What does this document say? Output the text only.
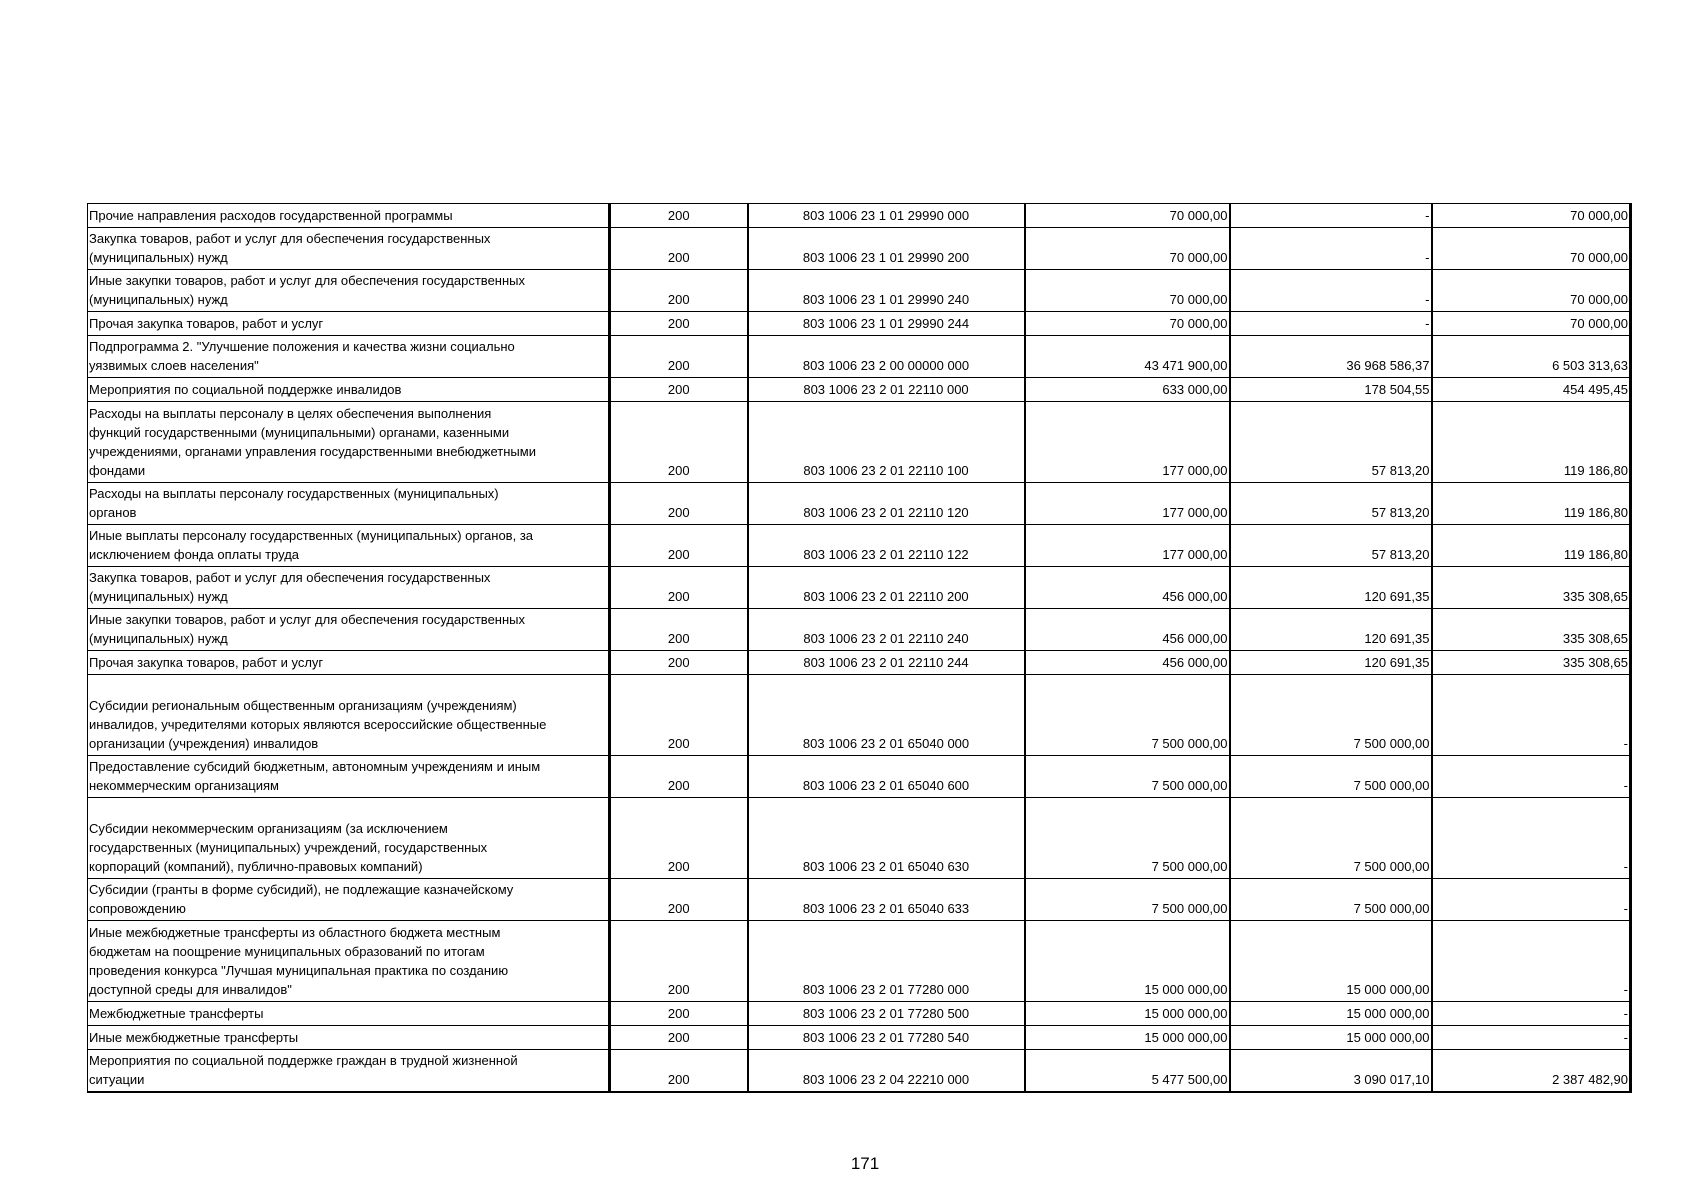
Прочие направления расходов государственной программы	200	803 1006 23 1 01 29990 000	70 000,00	-	70 000,00
Закупка товаров, работ и услуг для обеспечения государственных
(муниципальных) нужд	200	803 1006 23 1 01 29990 200	70 000,00	-	70 000,00
Иные закупки товаров, работ и услуг для обеспечения государственных
(муниципальных) нужд	200	803 1006 23 1 01 29990 240	70 000,00	-	70 000,00
Прочая закупка товаров, работ и услуг	200	803 1006 23 1 01 29990 244	70 000,00	-	70 000,00
Подпрограмма 2. "Улучшение положения и качества жизни социально
уязвимых слоев населения"	200	803 1006 23 2 00 00000 000	43 471 900,00	36 968 586,37	6 503 313,63
Мероприятия по социальной поддержке инвалидов	200	803 1006 23 2 01 22110 000	633 000,00	178 504,55	454 495,45
Расходы на выплаты персоналу в целях обеспечения выполнения
функций государственными (муниципальными) органами, казенными
учреждениями, органами управления государственными внебюджетными
фондами	200	803 1006 23 2 01 22110 100	177 000,00	57 813,20	119 186,80
Расходы на выплаты персоналу государственных (муниципальных)
органов	200	803 1006 23 2 01 22110 120	177 000,00	57 813,20	119 186,80
Иные выплаты персоналу государственных (муниципальных) органов, за
исключением фонда оплаты труда	200	803 1006 23 2 01 22110 122	177 000,00	57 813,20	119 186,80
Закупка товаров, работ и услуг для обеспечения государственных
(муниципальных) нужд	200	803 1006 23 2 01 22110 200	456 000,00	120 691,35	335 308,65
Иные закупки товаров, работ и услуг для обеспечения государственных
(муниципальных) нужд	200	803 1006 23 2 01 22110 240	456 000,00	120 691,35	335 308,65
Прочая закупка товаров, работ и услуг	200	803 1006 23 2 01 22110 244	456 000,00	120 691,35	335 308,65

Субсидии региональным общественным организациям (учреждениям)
инвалидов, учредителями которых являются всероссийские общественные
организации (учреждения) инвалидов	200	803 1006 23 2 01 65040 000	7 500 000,00	7 500 000,00	-
Предоставление субсидий бюджетным, автономным учреждениям и иным
некоммерческим организациям	200	803 1006 23 2 01 65040 600	7 500 000,00	7 500 000,00	-

Субсидии некоммерческим организациям (за исключением
государственных (муниципальных) учреждений, государственных
корпораций (компаний), публично-правовых компаний)	200	803 1006 23 2 01 65040 630	7 500 000,00	7 500 000,00	-
Субсидии (гранты в форме субсидий), не подлежащие казначейскому
сопровождению	200	803 1006 23 2 01 65040 633	7 500 000,00	7 500 000,00	-
Иные межбюджетные трансферты из областного бюджета местным
бюджетам на поощрение муниципальных образований по итогам
проведения конкурса "Лучшая муниципальная практика по созданию
доступной среды для инвалидов"	200	803 1006 23 2 01 77280 000	15 000 000,00	15 000 000,00	-
Межбюджетные трансферты	200	803 1006 23 2 01 77280 500	15 000 000,00	15 000 000,00	-
Иные межбюджетные трансферты	200	803 1006 23 2 01 77280 540	15 000 000,00	15 000 000,00	-
Мероприятия по социальной поддержке граждан в трудной жизненной
ситуации	200	803 1006 23 2 04 22210 000	5 477 500,00	3 090 017,10	2 387 482,90
171
